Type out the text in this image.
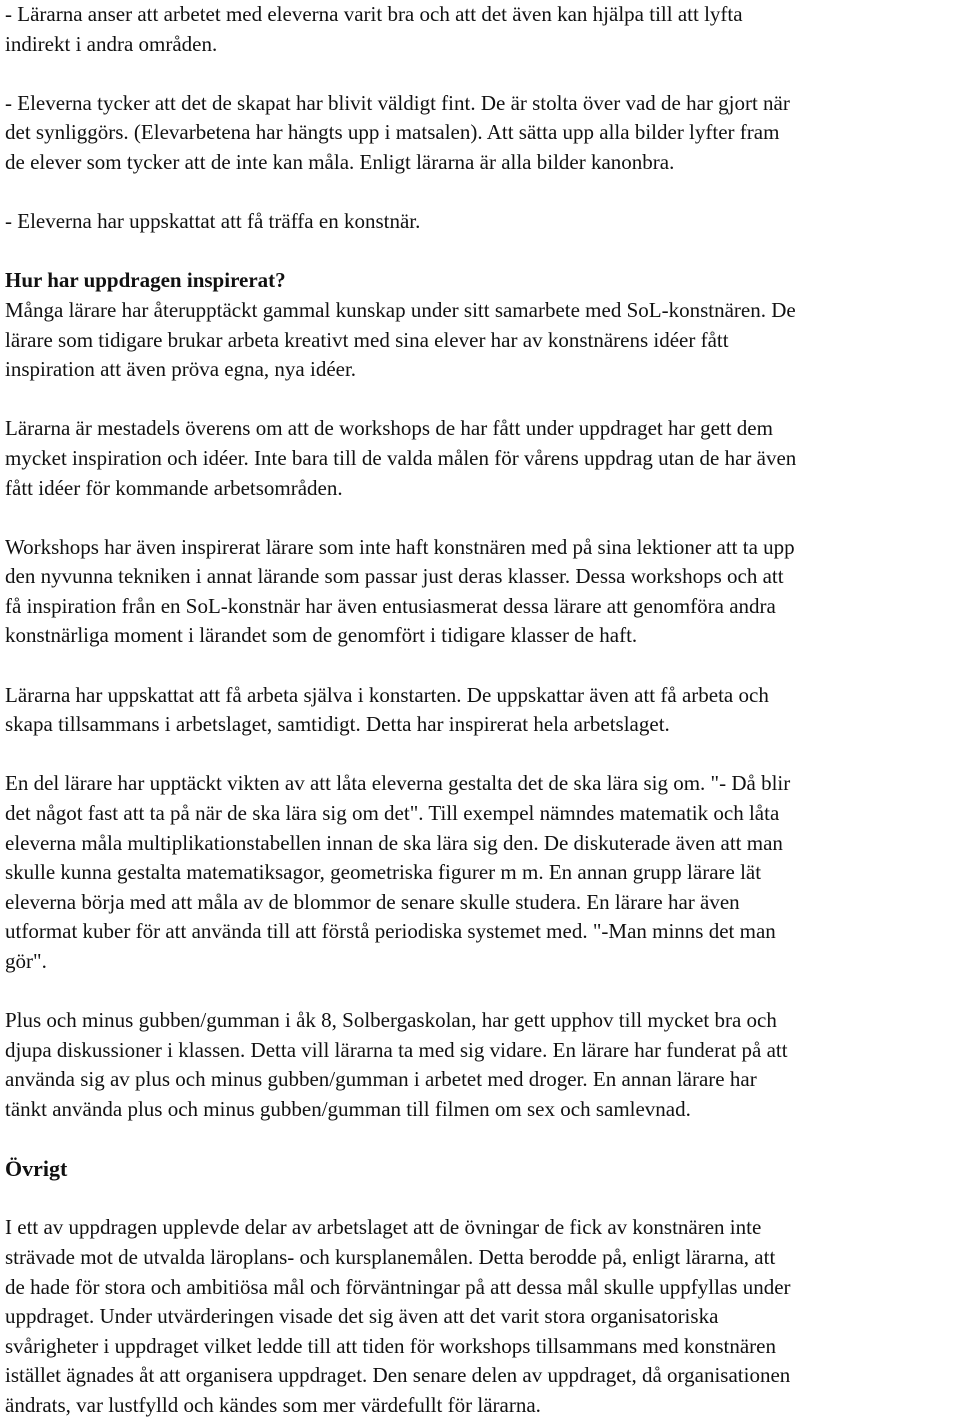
- Lärarna anser att arbetet med eleverna varit bra och att det även kan hjälpa till att lyfta
indirekt i andra områden.

- Eleverna tycker att det de skapat har blivit väldigt fint. De är stolta över vad de har gjort när
det synliggörs. (Elevarbetena har hängts upp i matsalen). Att sätta upp alla bilder lyfter fram
de elever som tycker att de inte kan måla. Enligt lärarna är alla bilder kanonbra.

- Eleverna har uppskattat att få träffa en konstnär.

Hur har uppdragen inspirerat?

Många lärare har återupptäckt gammal kunskap under sitt samarbete med SoL-konstnären. De
lärare som tidigare brukar arbeta kreativt med sina elever har av konstnärens idéer fått
inspiration att även pröva egna, nya idéer.

Lärarna är mestadels överens om att de workshops de har fått under uppdraget har gett dem
mycket inspiration och idéer. Inte bara till de valda målen för vårens uppdrag utan de har även
fått idéer för kommande arbetsområden.

Workshops har även inspirerat lärare som inte haft konstnären med på sina lektioner att ta upp
den nyvunna tekniken i annat lärande som passar just deras klasser. Dessa workshops och att
få inspiration från en SoL-konstnär har även entusiasmerat dessa lärare att genomföra andra
konstnärliga moment i lärandet som de genomfört i tidigare klasser de haft.

Lärarna har uppskattat att få arbeta själva i konstarten. De uppskattar även att få arbeta och
skapa tillsammans i arbetslaget, samtidigt. Detta har inspirerat hela arbetslaget.

En del lärare har upptäckt vikten av att låta eleverna gestalta det de ska lära sig om. "- Då blir
det något fast att ta på när de ska lära sig om det". Till exempel nämndes matematik och låta
eleverna måla multiplikationstabellen innan de ska lära sig den. De diskuterade även att man
skulle kunna gestalta matematiksagor, geometriska figurer m m. En annan grupp lärare lät
eleverna börja med att måla av de blommor de senare skulle studera. En lärare har även
utformat kuber för att använda till att förstå periodiska systemet med. "-Man minns det man
gör".

Plus och minus gubben/gumman i åk 8, Solbergaskolan, har gett upphov till mycket bra och
djupa diskussioner i klassen. Detta vill lärarna ta med sig vidare. En lärare har funderat på att
använda sig av plus och minus gubben/gumman i arbetet med droger. En annan lärare har
tänkt använda plus och minus gubben/gumman till filmen om sex och samlevnad.

Övrigt

I ett av uppdragen upplevde delar av arbetslaget att de övningar de fick av konstnären inte
strävade mot de utvalda läroplans- och kursplanemålen. Detta berodde på, enligt lärarna, att
de hade för stora och ambitiösa mål och förväntningar på att dessa mål skulle uppfyllas under
uppdraget. Under utvärderingen visade det sig även att det varit stora organisatoriska
svårigheter i uppdraget vilket ledde till att tiden för workshops tillsammans med konstnären
istället ägnades åt att organisera uppdraget. Den senare delen av uppdraget, då organisationen
ändrats, var lustfylld och kändes som mer värdefullt för lärarna.
